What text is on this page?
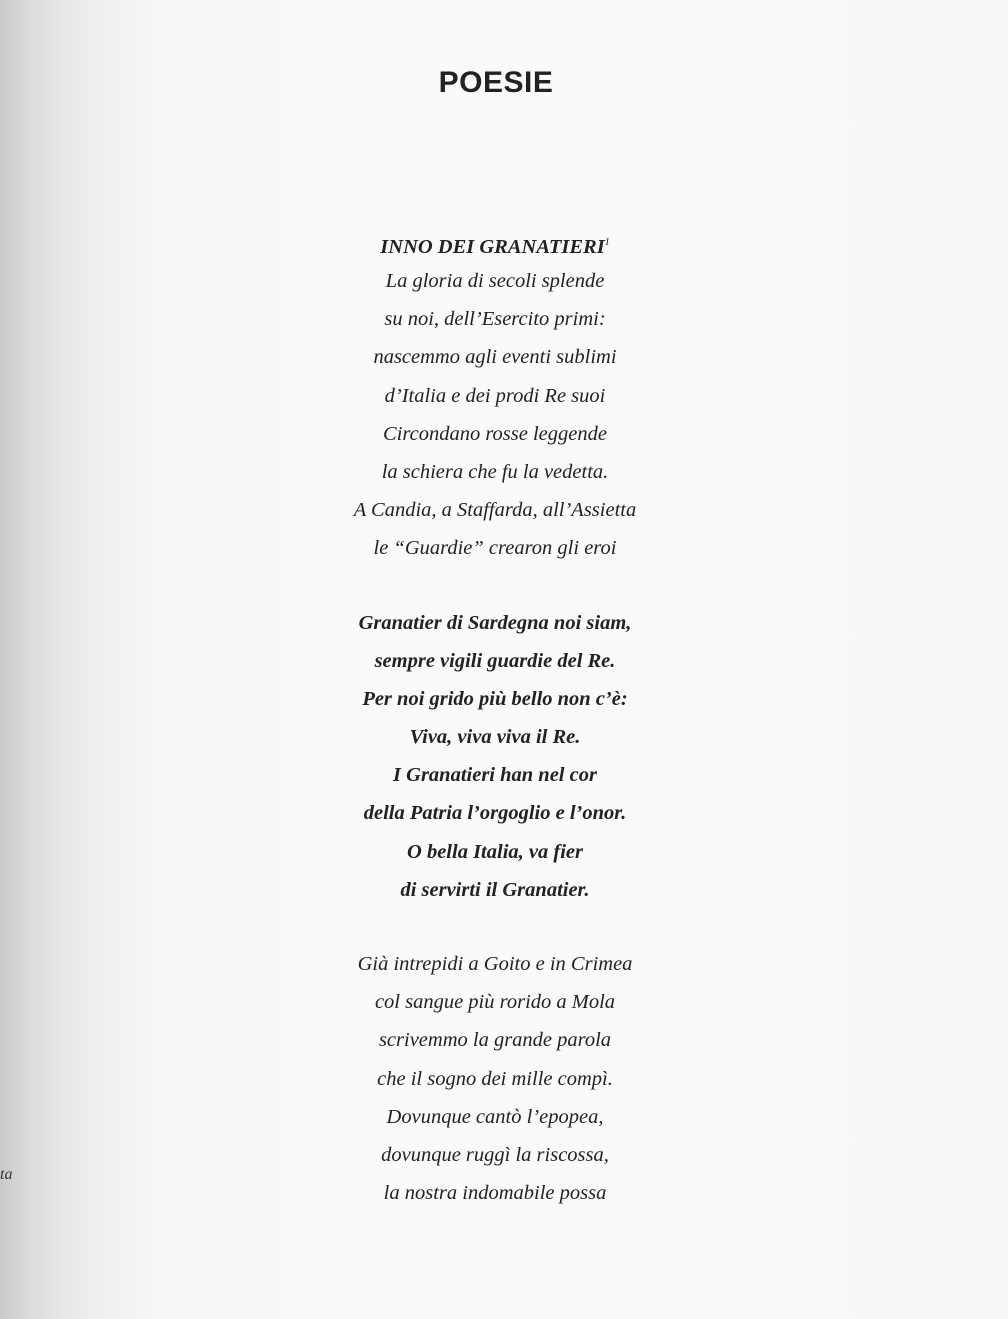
POESIE
INNO DEI GRANATIERI$^1$
La gloria di secoli splende
su noi, dell’Esercito primi:
nascemmo agli eventi sublimi
d’Italia e dei prodi Re suoi
Circondano rosse leggende
la schiera che fu la vedetta.
A Candia, a Staffarda, all’Assietta
le “Guardie” crearon gli eroi
Granatier di Sardegna noi siam,
sempre vigili guardie del Re.
Per noi grido più bello non c’è:
Viva, viva viva il Re.
I Granatieri han nel cor
della Patria l’orgoglio e l’onor.
O bella Italia, va fier
di servirti il Granatier.
Già intrepidi a Goito e in Crimea
col sangue più rorido a Mola
scrivemmo la grande parola
che il sogno dei mille compì.
Dovunque cantò l’epopea,
dovunque ruggì la riscossa,
la nostra indomabile possa
ta
